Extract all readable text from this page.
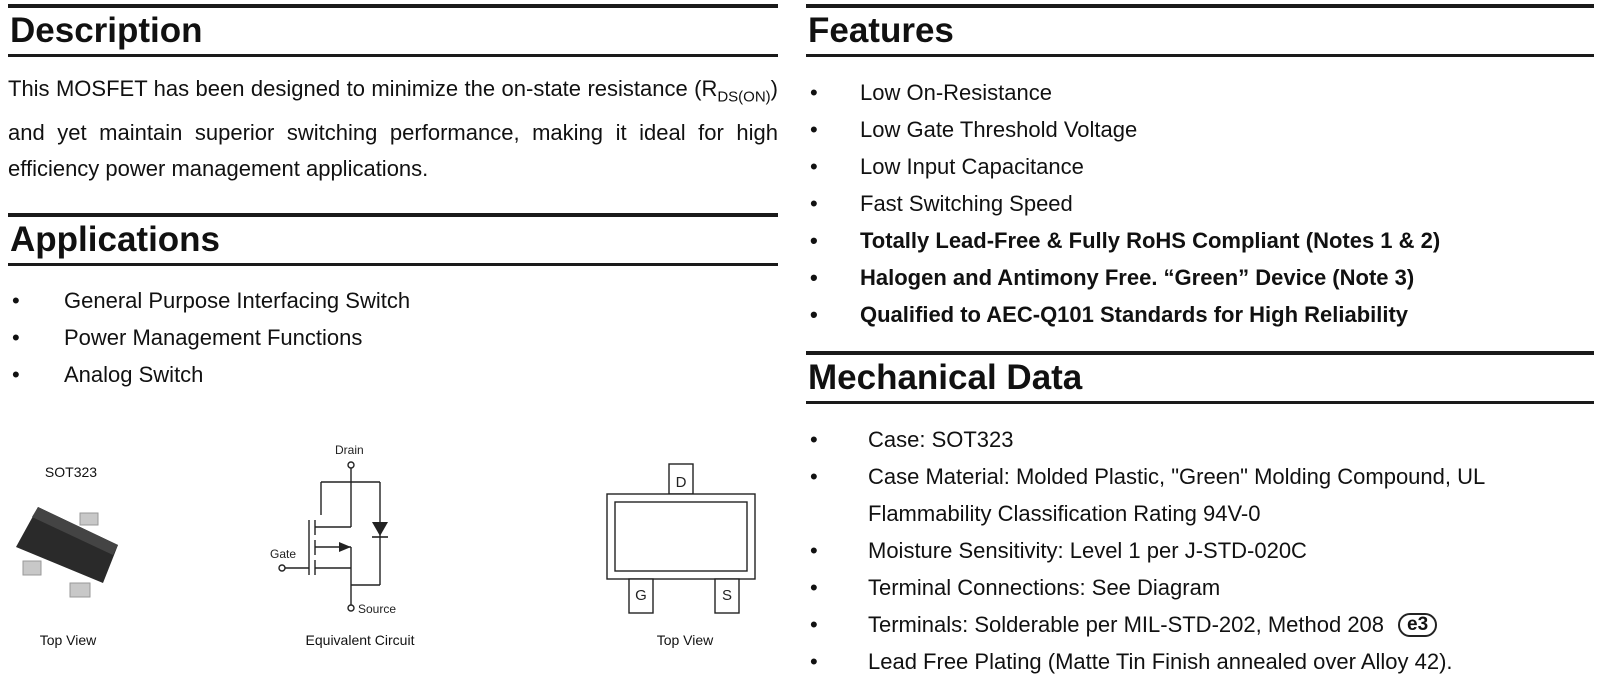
Description
This MOSFET has been designed to minimize the on-state resistance $(R_{DS(ON)})$ and yet maintain superior switching performance, making it ideal for high efficiency power management applications.
Applications
• General Purpose Interfacing Switch
• Power Management Functions
• Analog Switch
SOT323
Top View
Drain
Gate
Source
Equivalent Circuit
D
G	S
Top View
Features
• Low On-Resistance
• Low Gate Threshold Voltage
• Low Input Capacitance
• Fast Switching Speed
• Totally Lead-Free & Fully RoHS Compliant (Notes 1 & 2)
• Halogen and Antimony Free. “Green” Device (Note 3)
• Qualified to AEC-Q101 Standards for High Reliability
Mechanical Data
• Case: SOT323
• Case Material: Molded Plastic, "Green" Molding Compound, UL Flammability Classification Rating 94V-0
• Moisture Sensitivity: Level 1 per J-STD-020C
• Terminal Connections: See Diagram
• Terminals: Solderable per MIL-STD-202, Method 208 e3
• Lead Free Plating (Matte Tin Finish annealed over Alloy 42).
